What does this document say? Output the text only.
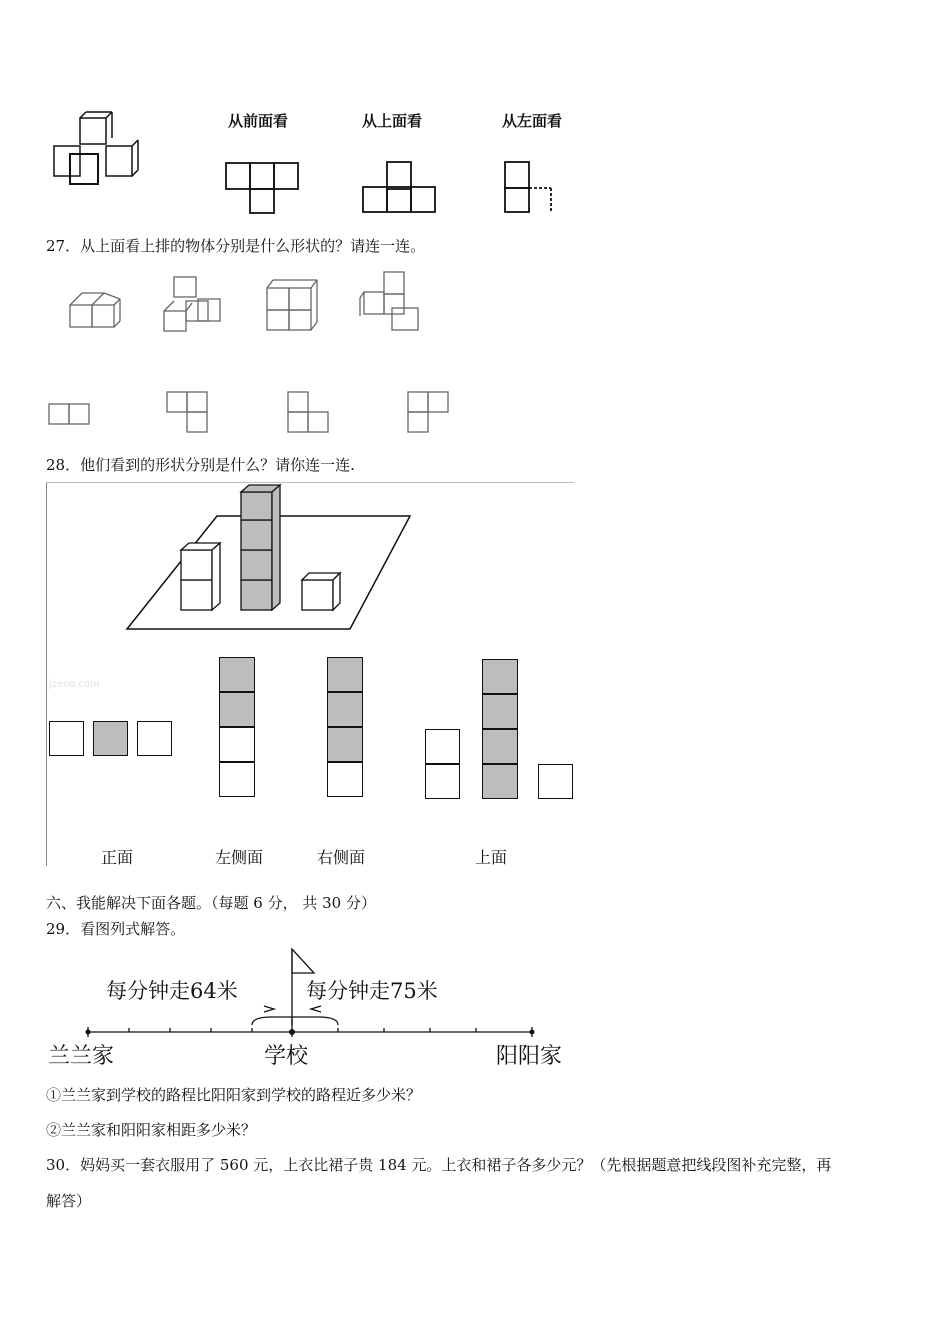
从前面看	从上面看	从左面看
27．从上面看上排的物体分别是什么形状的？请连一连。
28．他们看到的形状分别是什么？请你连一连.
jzeoo.com
正面	左侧面	右侧面	上面
六、我能解决下面各题。（每题 6 分， 共 30 分）
29．看图列式解答。
每分钟走64米	每分钟走75米
兰兰家	学校	阳阳家
①兰兰家到学校的路程比阳阳家到学校的路程近多少米？
②兰兰家和阳阳家相距多少米？
30．妈妈买一套衣服用了 560 元，上衣比裙子贵 184 元。上衣和裙子各多少元？（先根据题意把线段图补充完整，再
解答）
